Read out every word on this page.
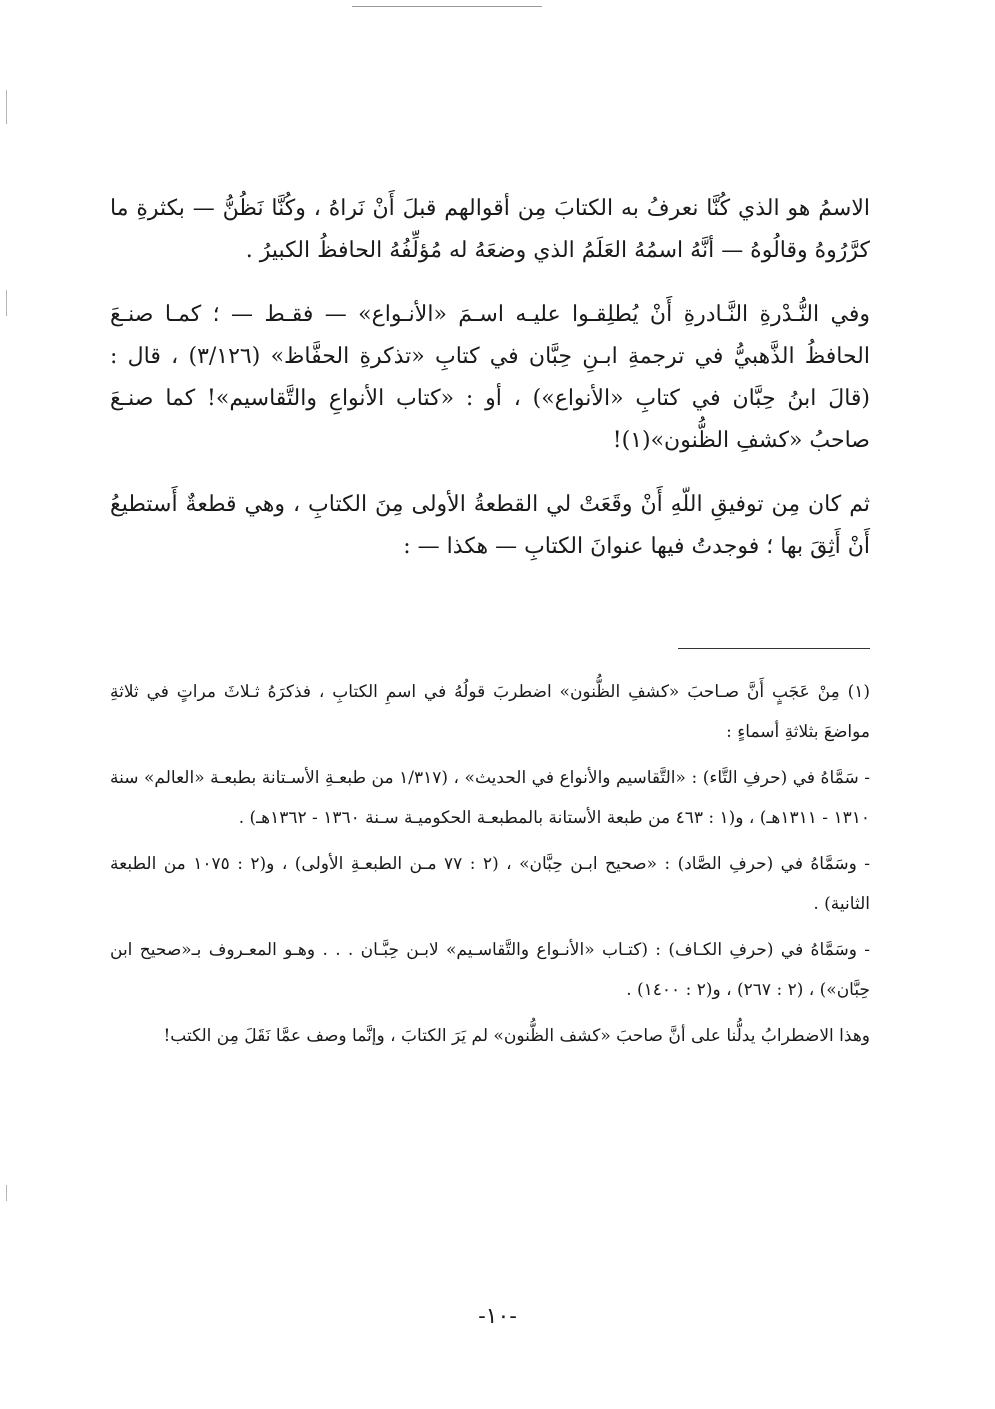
الاسمُ هو الذي كُنَّا نعرفُ به الكتابَ مِن أقوالهم قبلَ أَنْ نَراهُ ، وكُنَّا نَظُنُّ — بكثرةِ ما كرَّرُوهُ وقالُوهُ — أنَّهُ اسمُهُ العَلَمُ الذي وضعَهُ له مُؤلِّفُهُ الحافظُ الكبيرُ .

وفي النُّـدْرةِ النَّـادرةِ أَنْ يُطلِقـوا عليـه اسـمَ «الأنـواع» — فقـط — ؛ كمـا صنـعَ الحافظُ الذَّهبيُّ في ترجمةِ ابـنِ حِبَّان في كتابِ «تذكرةِ الحفَّاظ» (٣/١٢٦) ، قال : (قالَ ابنُ حِبَّان في كتابِ «الأنواع») ، أو : «كتاب الأنواعِ والتَّقاسيم»! كما صنـعَ صاحبُ «كشفِ الظُّنون»(١)!

ثم كان مِن توفيقِ اللّهِ أَنْ وقَعَتْ لي القطعةُ الأولى مِنَ الكتابِ ، وهي قطعةٌ أَستطيعُ أَنْ أَثِقَ بها ؛ فوجدتُ فيها عنوانَ الكتابِ — هكذا — :

(١) مِنْ عَجَبٍ أَنَّ صـاحبَ «كشفِ الظُّنون» اضطربَ قولُهُ في اسمِ الكتابِ ، فذكرَهُ ثـلاثَ مراتٍ في ثلاثةِ مواضعَ بثلاثةِ أسماءٍ :

- سَمَّاهُ في (حرفِ التَّاء) : «التَّقاسيم والأنواع في الحديث» ، (١/٣١٧ من طبعـةِ الأسـتانة بطبعـة «العالم» سنة ١٣١٠ - ١٣١١هـ) ، و(١ : ٤٦٣ من طبعة الأستانة بالمطبعـة الحكوميـة سـنة ١٣٦٠ - ١٣٦٢هـ) .

- وسَمَّاهُ في (حرفِ الصَّاد) : «صحيح ابـن حِبَّان» ، (٢ : ٧٧ مـن الطبعـةِ الأولى) ، و(٢ : ١٠٧٥ من الطبعة الثانية) .

- وسَمَّاهُ في (حرفِ الكـاف) : (كتـاب «الأنـواع والتَّقاسـيم» لابـن حِبَّـان . . . وهـو المعـروف بـ«صحيح ابن حِبَّان») ، (٢ : ٢٦٧) ، و(٢ : ١٤٠٠) .

وهذا الاضطرابُ يدلُّنا على أنَّ صاحبَ «كشف الظُّنون» لم يَرَ الكتابَ ، وإنَّما وصف عمَّا نَقَلَ مِن الكتب!

-١٠-
